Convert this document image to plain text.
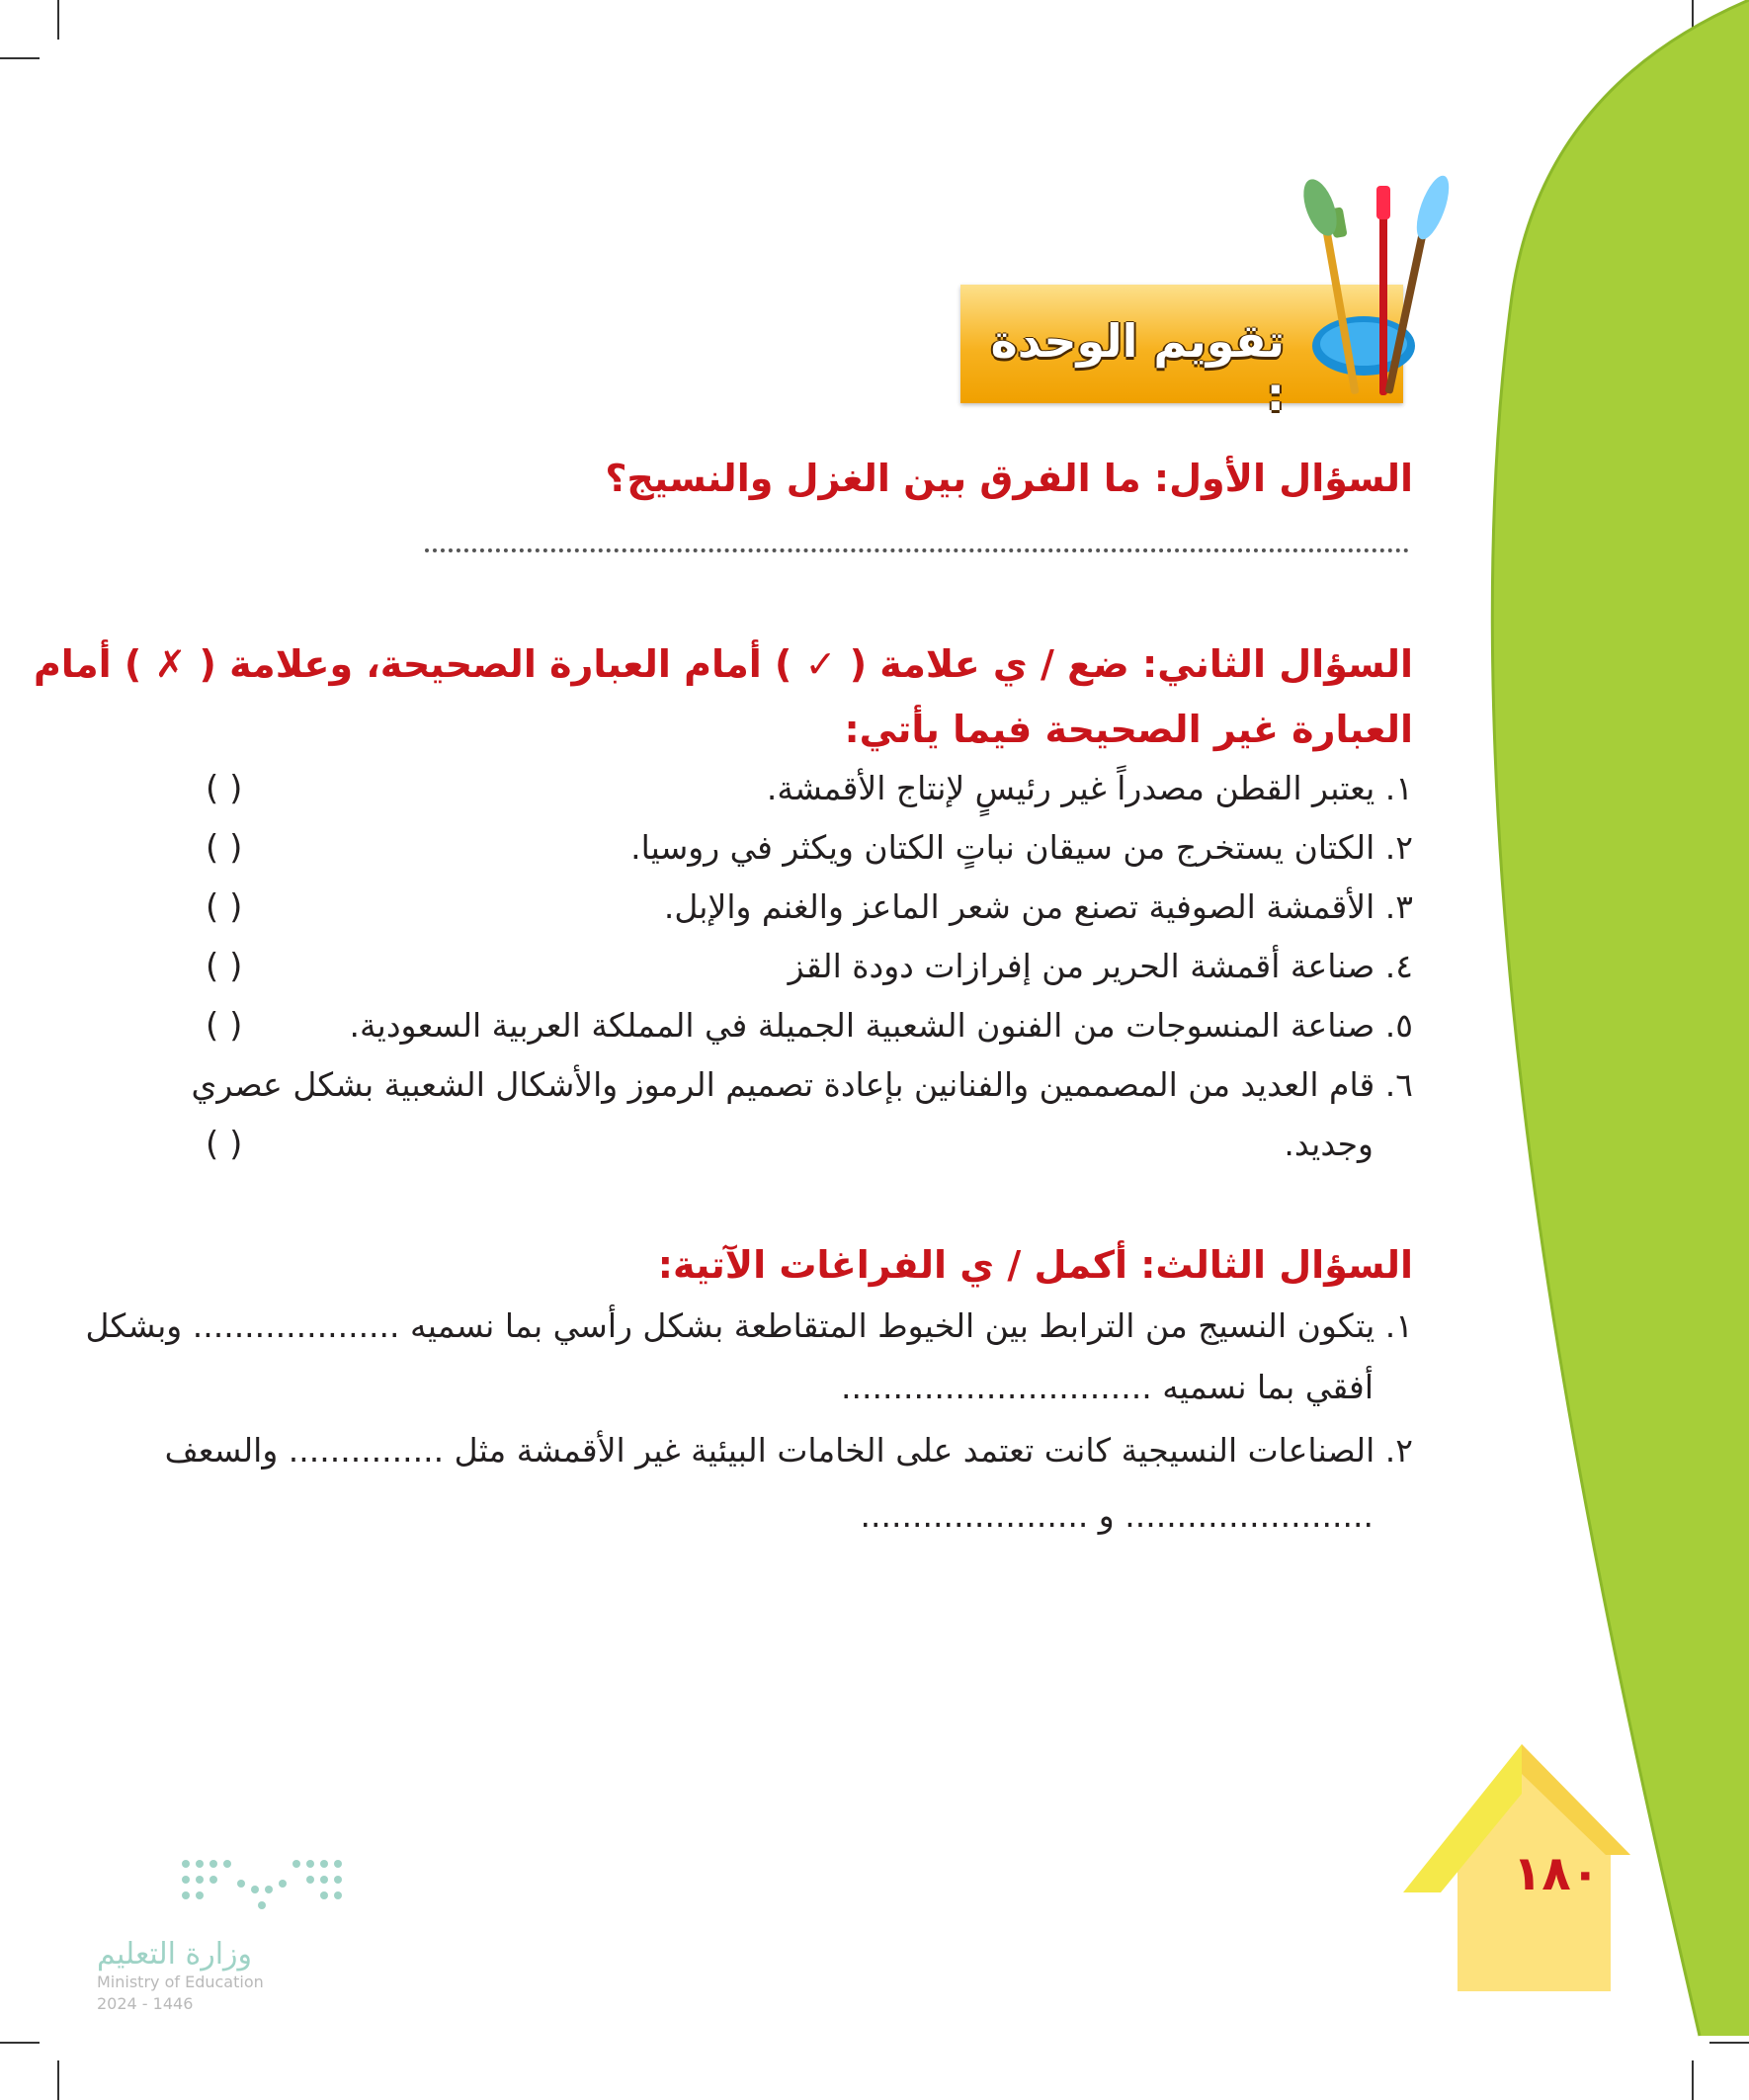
تقويم الوحدة :
السؤال الأول: ما الفرق بين الغزل والنسيج؟
السؤال الثاني: ضع / ي علامة ( ✓ ) أمام العبارة الصحيحة، وعلامة ( ✗ ) أمام
العبارة غير الصحيحة فيما يأتي:
١. يعتبر القطن مصدراً غير رئيسٍ لإنتاج الأقمشة.
( )
٢. الكتان يستخرج من سيقان نباتٍ الكتان ويكثر في روسيا.
( )
٣. الأقمشة الصوفية تصنع من شعر الماعز والغنم والإبل.
( )
٤. صناعة أقمشة الحرير من إفرازات دودة القز
( )
٥. صناعة المنسوجات من الفنون الشعبية الجميلة في المملكة العربية السعودية.
( )
٦. قام العديد من المصممين والفنانين بإعادة تصميم الرموز والأشكال الشعبية بشكل عصري
وجديد.
( )
السؤال الثالث: أكمل / ي الفراغات الآتية:
١. يتكون النسيج من الترابط بين الخيوط المتقاطعة بشكل رأسي بما نسميه .................... وبشكل
أفقي بما نسميه ..............................
٢. الصناعات النسيجية كانت تعتمد على الخامات البيئية غير الأقمشة مثل ............... والسعف
........................ و ......................
١٨٠
وزارة التعليم
Ministry of Education
2024 - 1446
